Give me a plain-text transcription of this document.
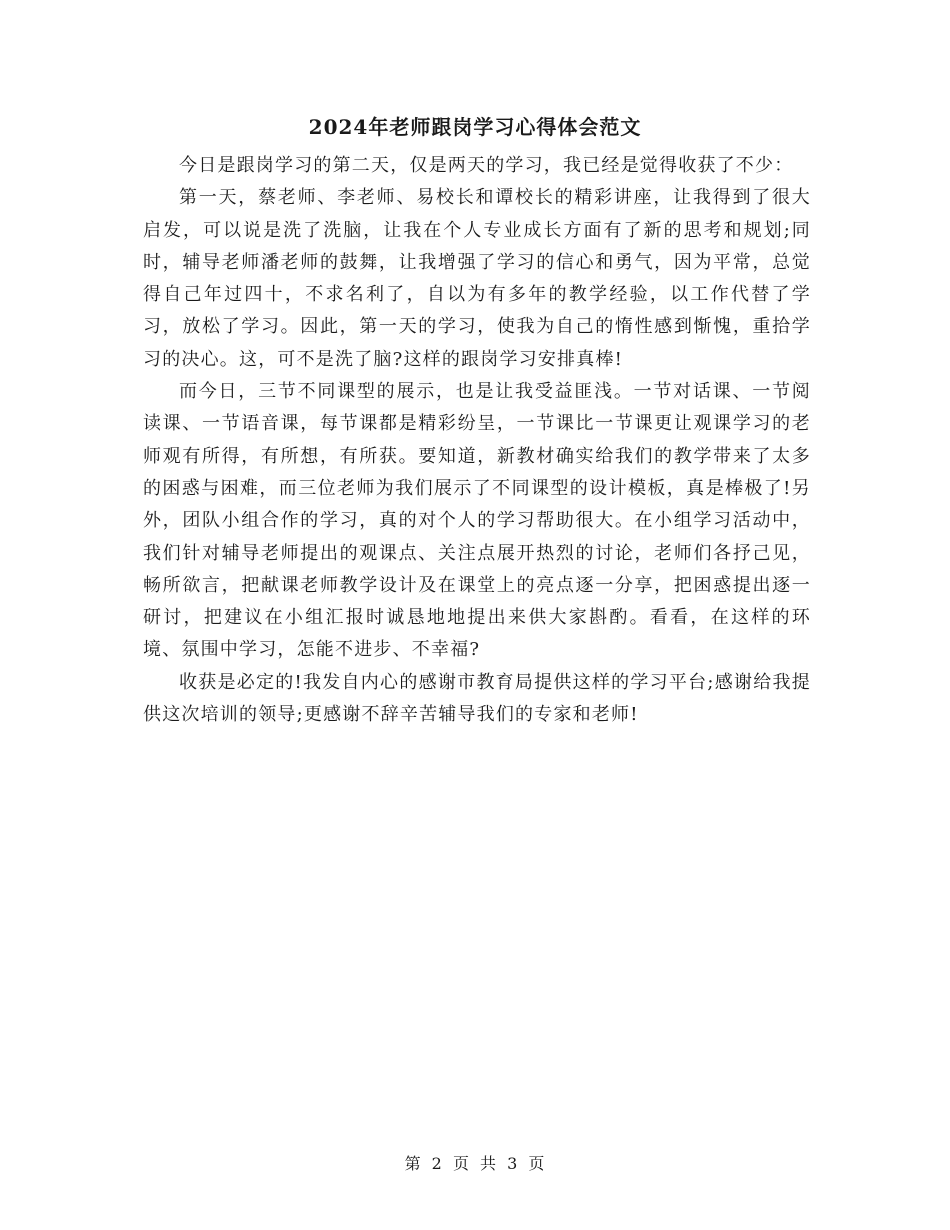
2024年老师跟岗学习心得体会范文

今日是跟岗学习的第二天，仅是两天的学习，我已经是觉得收获了不少：

第一天，蔡老师、李老师、易校长和谭校长的精彩讲座，让我得到了很大启发，可以说是洗了洗脑，让我在个人专业成长方面有了新的思考和规划;同时，辅导老师潘老师的鼓舞，让我增强了学习的信心和勇气，因为平常，总觉得自己年过四十，不求名利了，自以为有多年的教学经验，以工作代替了学习，放松了学习。因此，第一天的学习，使我为自己的惰性感到惭愧，重拾学习的决心。这，可不是洗了脑?这样的跟岗学习安排真棒!

而今日，三节不同课型的展示，也是让我受益匪浅。一节对话课、一节阅读课、一节语音课，每节课都是精彩纷呈，一节课比一节课更让观课学习的老师观有所得，有所想，有所获。要知道，新教材确实给我们的教学带来了太多的困惑与困难，而三位老师为我们展示了不同课型的设计模板，真是棒极了!另外，团队小组合作的学习，真的对个人的学习帮助很大。在小组学习活动中，我们针对辅导老师提出的观课点、关注点展开热烈的讨论，老师们各抒己见，畅所欲言，把献课老师教学设计及在课堂上的亮点逐一分享，把困惑提出逐一研讨，把建议在小组汇报时诚恳地地提出来供大家斟酌。看看，在这样的环境、氛围中学习，怎能不进步、不幸福?

收获是必定的!我发自内心的感谢市教育局提供这样的学习平台;感谢给我提供这次培训的领导;更感谢不辞辛苦辅导我们的专家和老师!

第 2 页 共 3 页
